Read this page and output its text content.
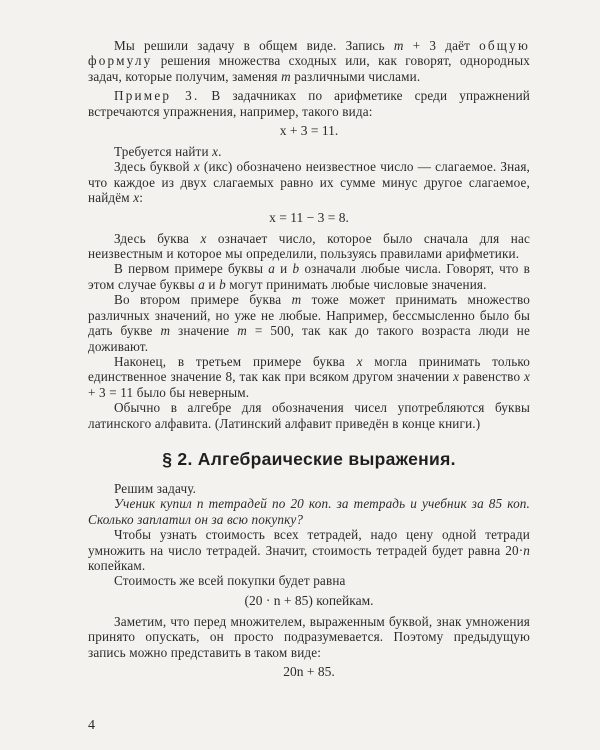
Мы решили задачу в общем виде. Запись m + 3 даёт общую формулу решения множества сходных или, как говорят, однородных задач, которые получим, заменяя m различными числами.

Пример 3. В задачниках по арифметике среди упражнений встречаются упражнения, например, такого вида:

x + 3 = 11.

Требуется найти x.

Здесь буквой x (икс) обозначено неизвестное число — слагаемое. Зная, что каждое из двух слагаемых равно их сумме минус другое слагаемое, найдём x:

x = 11 − 3 = 8.

Здесь буква x означает число, которое было сначала для нас неизвестным и которое мы определили, пользуясь правилами арифметики.

В первом примере буквы a и b означали любые числа. Говорят, что в этом случае буквы a и b могут принимать любые числовые значения.

Во втором примере буква m тоже может принимать множество различных значений, но уже не любые. Например, бессмысленно было бы дать букве m значение m = 500, так как до такого возраста люди не доживают.

Наконец, в третьем примере буква x могла принимать только единственное значение 8, так как при всяком другом значении x равенство x + 3 = 11 было бы неверным.

Обычно в алгебре для обозначения чисел употребляются буквы латинского алфавита. (Латинский алфавит приведён в конце книги.)

§ 2. Алгебраические выражения.

Решим задачу.

Ученик купил n тетрадей по 20 коп. за тетрадь и учебник за 85 коп. Сколько заплатил он за всю покупку?

Чтобы узнать стоимость всех тетрадей, надо цену одной тетради умножить на число тетрадей. Значит, стоимость тетрадей будет равна 20·n копейкам.

Стоимость же всей покупки будет равна

(20 · n + 85) копейкам.

Заметим, что перед множителем, выраженным буквой, знак умножения принято опускать, он просто подразумевается. Поэтому предыдущую запись можно представить в таком виде:

20n + 85.
4
